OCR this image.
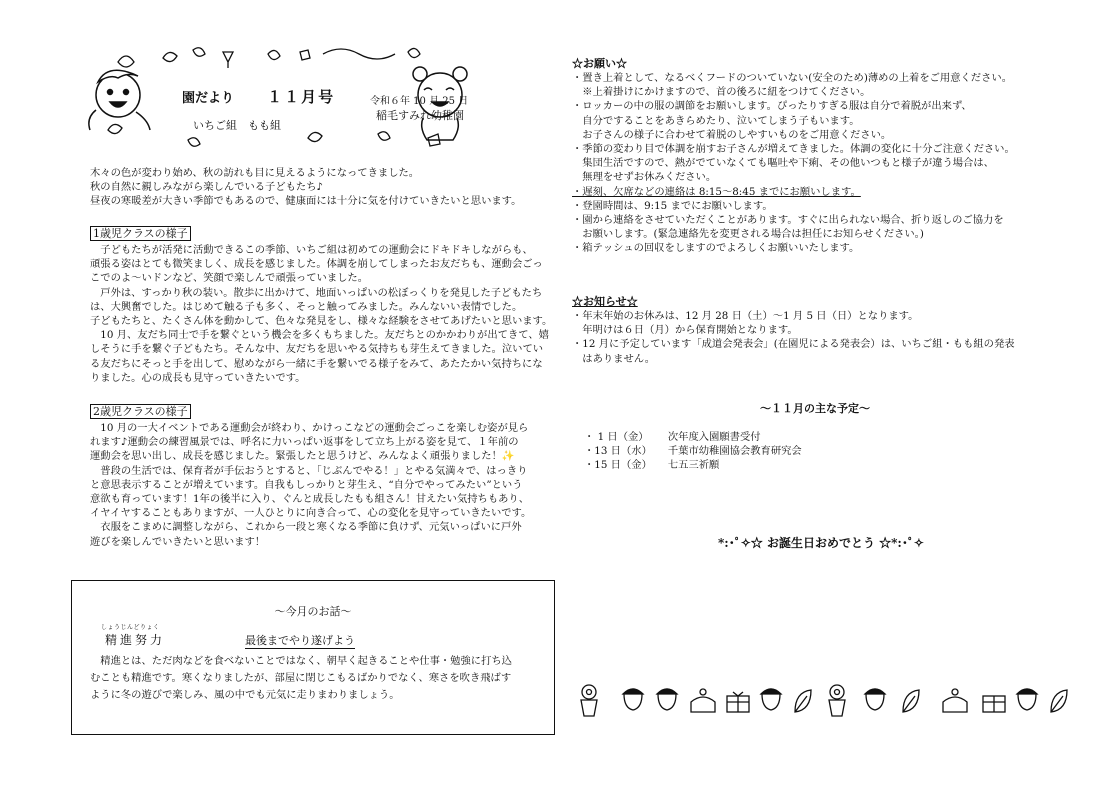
園だより １１月号	令和６年 10 月 25 日
稲毛すみれ幼稚園
いちご組　もも組

木々の色が変わり始め、秋の訪れも目に見えるようになってきました。

秋の自然に親しみながら楽しんでいる子どもたち♪

昼夜の寒暖差が大きい季節でもあるので、健康面には十分に気を付けていきたいと思います。

1歳児クラスの様子

　子どもたちが活発に活動できるこの季節、いちご組は初めての運動会にドキドキしながらも、

頑張る姿はとても微笑ましく、成長を感じました。体調を崩してしまったお友だちも、運動会ごっ

こでのよ～いドンなど、笑顔で楽しんで頑張っていました。

　戸外は、すっかり秋の装い。散歩に出かけて、地面いっぱいの松ぼっくりを発見した子どもたち

は、大興奮でした。はじめて触る子も多く、そっと触ってみました。みんないい表情でした。

子どもたちと、たくさん体を動かして、色々な発見をし、様々な経験をさせてあげたいと思います。

　10 月、友だち同士で手を繋ぐという機会を多くもちました。友だちとのかかわりが出てきて、嬉

しそうに手を繋ぐ子どもたち。そんな中、友だちを思いやる気持ちも芽生えてきました。泣いてい

る友だちにそっと手を出して、慰めながら一緒に手を繋いでる様子をみて、あたたかい気持ちにな

りました。心の成長も見守っていきたいです。

2歳児クラスの様子

　10 月の一大イベントである運動会が終わり、かけっこなどの運動会ごっこを楽しむ姿が見ら

れます♪運動会の練習風景では、呼名に力いっぱい返事をして立ち上がる姿を見て、１年前の

運動会を思い出し、成長を感じました。緊張したと思うけど、みんなよく頑張りました！✨

　普段の生活では、保育者が手伝おうとすると、「じぶんでやる！」とやる気満々で、はっきり

と意思表示することが増えています。自我もしっかりと芽生え、“自分でやってみたい”という

意欲も育っています！1年の後半に入り、ぐんと成長したもも組さん！甘えたい気持ちもあり、

イヤイヤすることもありますが、一人ひとりに向き合って、心の変化を見守っていきたいです。

　衣服をこまめに調整しながら、これから一段と寒くなる季節に負けず、元気いっぱいに戸外

遊びを楽しんでいきたいと思います！

～今月のお話～
しょうじんどりょく
精進努力	最後までやり遂げよう

　精進とは、ただ肉などを食べないことではなく、朝早く起きることや仕事・勉強に打ち込

むことも精進です。寒くなりましたが、部屋に閉じこもるばかりでなく、寒さを吹き飛ばす

ように冬の遊びで楽しみ、風の中でも元気に走りまわりましょう。

☆お願い☆

・置き上着として、なるべくフードのついていない(安全のため)薄めの上着をご用意ください。

　※上着掛けにかけますので、首の後ろに紐をつけてください。

・ロッカーの中の服の調節をお願いします。ぴったりすぎる服は自分で着脱が出来ず、

　自分ですることをあきらめたり、泣いてしまう子もいます。

　お子さんの様子に合わせて着脱のしやすいものをご用意ください。

・季節の変わり目で体調を崩すお子さんが増えてきました。体調の変化に十分ご注意ください。

　集団生活ですので、熱がでていなくても嘔吐や下痢、その他いつもと様子が違う場合は、

　無理をせずお休みください。

・遅刻、欠席などの連絡は 8:15～8:45 までにお願いします。

・登園時間は、9:15 までにお願いします。

・園から連絡をさせていただくことがあります。すぐに出られない場合、折り返しのご協力を

　お願いします。(緊急連絡先を変更される場合は担任にお知らせください。)

・箱テッシュの回収をしますのでよろしくお願いいたします。

☆お知らせ☆

・年末年始のお休みは、12 月 28 日（土）～1 月 5 日（日）となります。

　年明けは６日（月）から保育開始となります。

・12 月に予定しています「成道会発表会」(在園児による発表会）は、いちご組・もも組の発表

　はありません。

～１１月の主な予定～
・ 1 日（金）	次年度入園願書受付
・13 日（水）	千葉市幼稚園協会教育研究会
・15 日（金）	七五三祈願
*:･ﾟ✧☆ お誕生日おめでとう ☆*:･ﾟ✧
